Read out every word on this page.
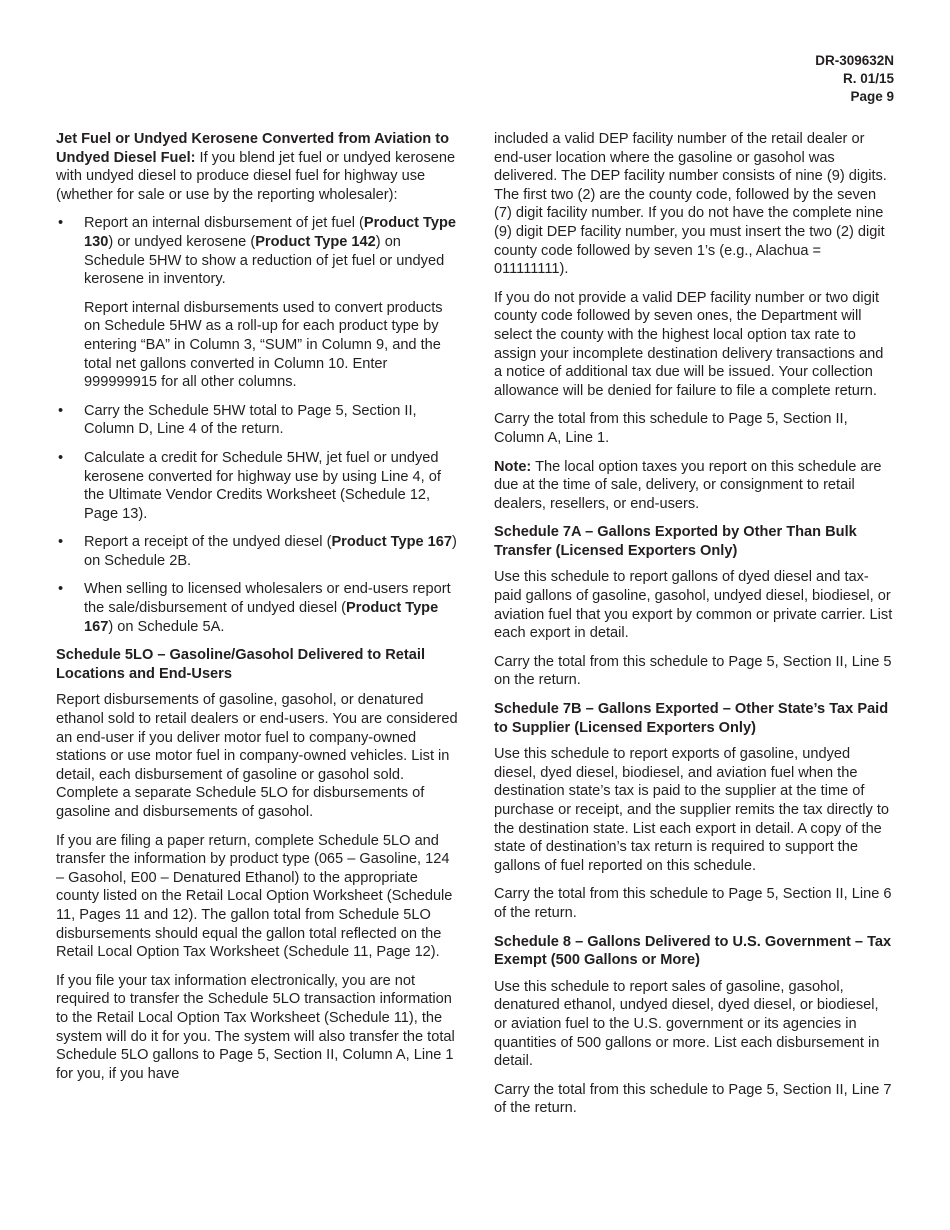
DR-309632N
R. 01/15
Page 9

Jet Fuel or Undyed Kerosene Converted from Aviation to Undyed Diesel Fuel: If you blend jet fuel or undyed kerosene with undyed diesel to produce diesel fuel for highway use (whether for sale or use by the reporting wholesaler):

• Report an internal disbursement of jet fuel (Product Type 130) or undyed kerosene (Product Type 142) on Schedule 5HW to show a reduction of jet fuel or undyed kerosene in inventory.
Report internal disbursements used to convert products on Schedule 5HW as a roll-up for each product type by entering “BA” in Column 3, “SUM” in Column 9, and the total net gallons converted in Column 10. Enter 999999915 for all other columns.
• Carry the Schedule 5HW total to Page 5, Section II, Column D, Line 4 of the return.
• Calculate a credit for Schedule 5HW, jet fuel or undyed kerosene converted for highway use by using Line 4, of the Ultimate Vendor Credits Worksheet (Schedule 12, Page 13).
• Report a receipt of the undyed diesel (Product Type 167) on Schedule 2B.
• When selling to licensed wholesalers or end-users report the sale/disbursement of undyed diesel (Product Type 167) on Schedule 5A.

Schedule 5LO – Gasoline/Gasohol Delivered to Retail Locations and End-Users

Report disbursements of gasoline, gasohol, or denatured ethanol sold to retail dealers or end-users. You are considered an end-user if you deliver motor fuel to company-owned stations or use motor fuel in company-owned vehicles. List in detail, each disbursement of gasoline or gasohol sold. Complete a separate Schedule 5LO for disbursements of gasoline and disbursements of gasohol.

If you are filing a paper return, complete Schedule 5LO and transfer the information by product type (065 – Gasoline, 124 – Gasohol, E00 – Denatured Ethanol) to the appropriate county listed on the Retail Local Option Worksheet (Schedule 11, Pages 11 and 12). The gallon total from Schedule 5LO disbursements should equal the gallon total reflected on the Retail Local Option Tax Worksheet (Schedule 11, Page 12).

If you file your tax information electronically, you are not required to transfer the Schedule 5LO transaction information to the Retail Local Option Tax Worksheet (Schedule 11), the system will do it for you. The system will also transfer the total Schedule 5LO gallons to Page 5, Section II, Column A, Line 1 for you, if you have

included a valid DEP facility number of the retail dealer or end-user location where the gasoline or gasohol was delivered. The DEP facility number consists of nine (9) digits. The first two (2) are the county code, followed by the seven (7) digit facility number. If you do not have the complete nine (9) digit DEP facility number, you must insert the two (2) digit county code followed by seven 1’s (e.g., Alachua = 011111111).

If you do not provide a valid DEP facility number or two digit county code followed by seven ones, the Department will select the county with the highest local option tax rate to assign your incomplete destination delivery transactions and a notice of additional tax due will be issued. Your collection allowance will be denied for failure to file a complete return.

Carry the total from this schedule to Page 5, Section II, Column A, Line 1.

Note: The local option taxes you report on this schedule are due at the time of sale, delivery, or consignment to retail dealers, resellers, or end-users.

Schedule 7A – Gallons Exported by Other Than Bulk Transfer (Licensed Exporters Only)

Use this schedule to report gallons of dyed diesel and tax-paid gallons of gasoline, gasohol, undyed diesel, biodiesel, or aviation fuel that you export by common or private carrier. List each export in detail.

Carry the total from this schedule to Page 5, Section II, Line 5 on the return.

Schedule 7B – Gallons Exported – Other State’s Tax Paid to Supplier (Licensed Exporters Only)

Use this schedule to report exports of gasoline, undyed diesel, dyed diesel, biodiesel, and aviation fuel when the destination state’s tax is paid to the supplier at the time of purchase or receipt, and the supplier remits the tax directly to the destination state. List each export in detail. A copy of the state of destination’s tax return is required to support the gallons of fuel reported on this schedule.

Carry the total from this schedule to Page 5, Section II, Line 6 of the return.

Schedule 8 – Gallons Delivered to U.S. Government – Tax Exempt (500 Gallons or More)

Use this schedule to report sales of gasoline, gasohol, denatured ethanol, undyed diesel, dyed diesel, or biodiesel, or aviation fuel to the U.S. government or its agencies in quantities of 500 gallons or more. List each disbursement in detail.

Carry the total from this schedule to Page 5, Section II, Line 7 of the return.
